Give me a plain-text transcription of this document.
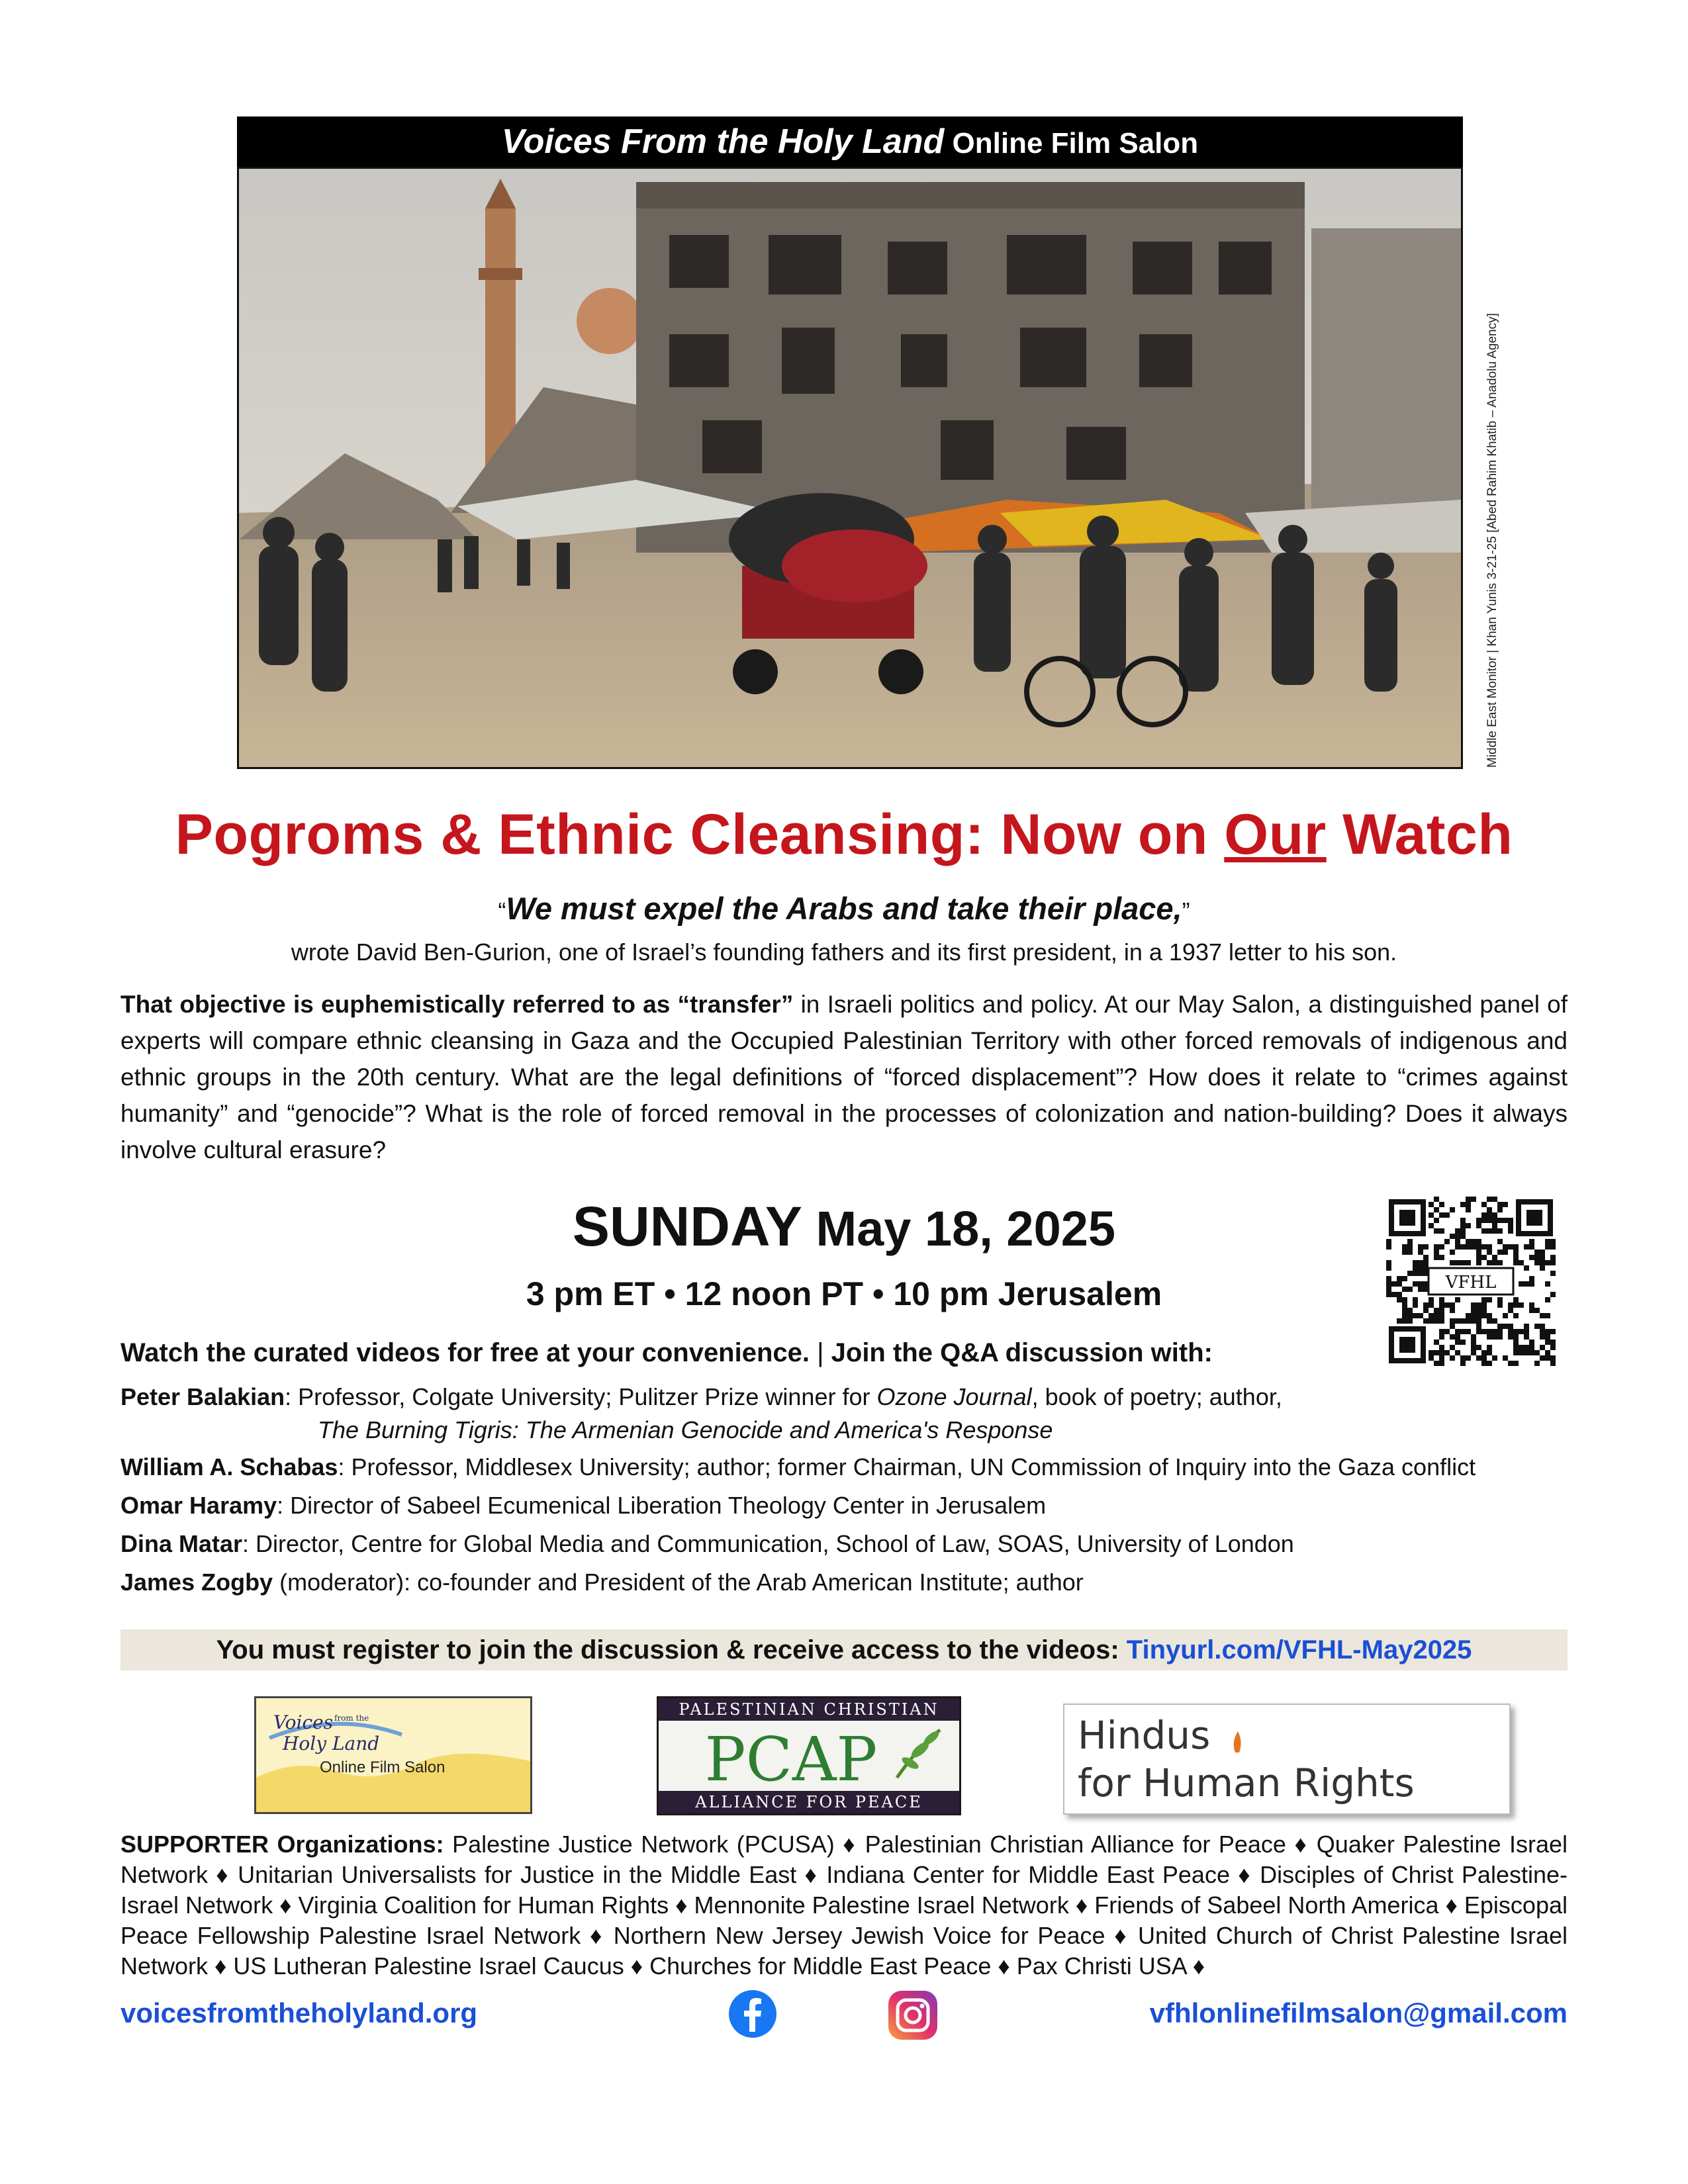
Voices From the Holy Land Online Film Salon
Middle East Monitor | Khan Yunis 3-21-25 [Abed Rahim Khatib – Anadolu Agency]
Pogroms & Ethnic Cleansing: Now on Our Watch
“We must expel the Arabs and take their place,”
wrote David Ben-Gurion, one of Israel’s founding fathers and its first president, in a 1937 letter to his son.
That objective is euphemistically referred to as “transfer” in Israeli politics and policy. At our May Salon, a distinguished panel of experts will compare ethnic cleansing in Gaza and the Occupied Palestinian Territory with other forced removals of indigenous and ethnic groups in the 20th century. What are the legal definitions of “forced displacement”? How does it relate to “crimes against humanity” and “genocide”? What is the role of forced removal in the processes of colonization and nation-building? Does it always involve cultural erasure?
SUNDAY May 18, 2025
3 pm ET • 12 noon PT • 10 pm Jerusalem	VFHL
Watch the curated videos for free at your convenience. | Join the Q&A discussion with:
Peter Balakian: Professor, Colgate University; Pulitzer Prize winner for Ozone Journal, book of poetry; author,
The Burning Tigris: The Armenian Genocide and America's Response
William A. Schabas: Professor, Middlesex University; author; former Chairman, UN Commission of Inquiry into the Gaza conflict
Omar Haramy: Director of Sabeel Ecumenical Liberation Theology Center in Jerusalem
Dina Matar: Director, Centre for Global Media and Communication, School of Law, SOAS, University of London
James Zogby (moderator): co-founder and President of the Arab American Institute; author
You must register to join the discussion & receive access to the videos: Tinyurl.com/VFHL-May2025
Voices from the
Holy Land
Online Film Salon
PALESTINIAN CHRISTIAN
PCAP
ALLIANCE FOR PEACE
Hindus
for Human Rights
SUPPORTER Organizations: Palestine Justice Network (PCUSA) ♦ Palestinian Christian Alliance for Peace ♦ Quaker Palestine Israel Network ♦ Unitarian Universalists for Justice in the Middle East ♦ Indiana Center for Middle East Peace ♦ Disciples of Christ Palestine-Israel Network ♦ Virginia Coalition for Human Rights ♦ Mennonite Palestine Israel Network ♦ Friends of Sabeel North America ♦ Episcopal Peace Fellowship Palestine Israel Network ♦ Northern New Jersey Jewish Voice for Peace ♦ United Church of Christ Palestine Israel Network ♦ US Lutheran Palestine Israel Caucus ♦ Churches for Middle East Peace ♦ Pax Christi USA ♦
voicesfromtheholyland.org	vfhlonlinefilmsalon@gmail.com
